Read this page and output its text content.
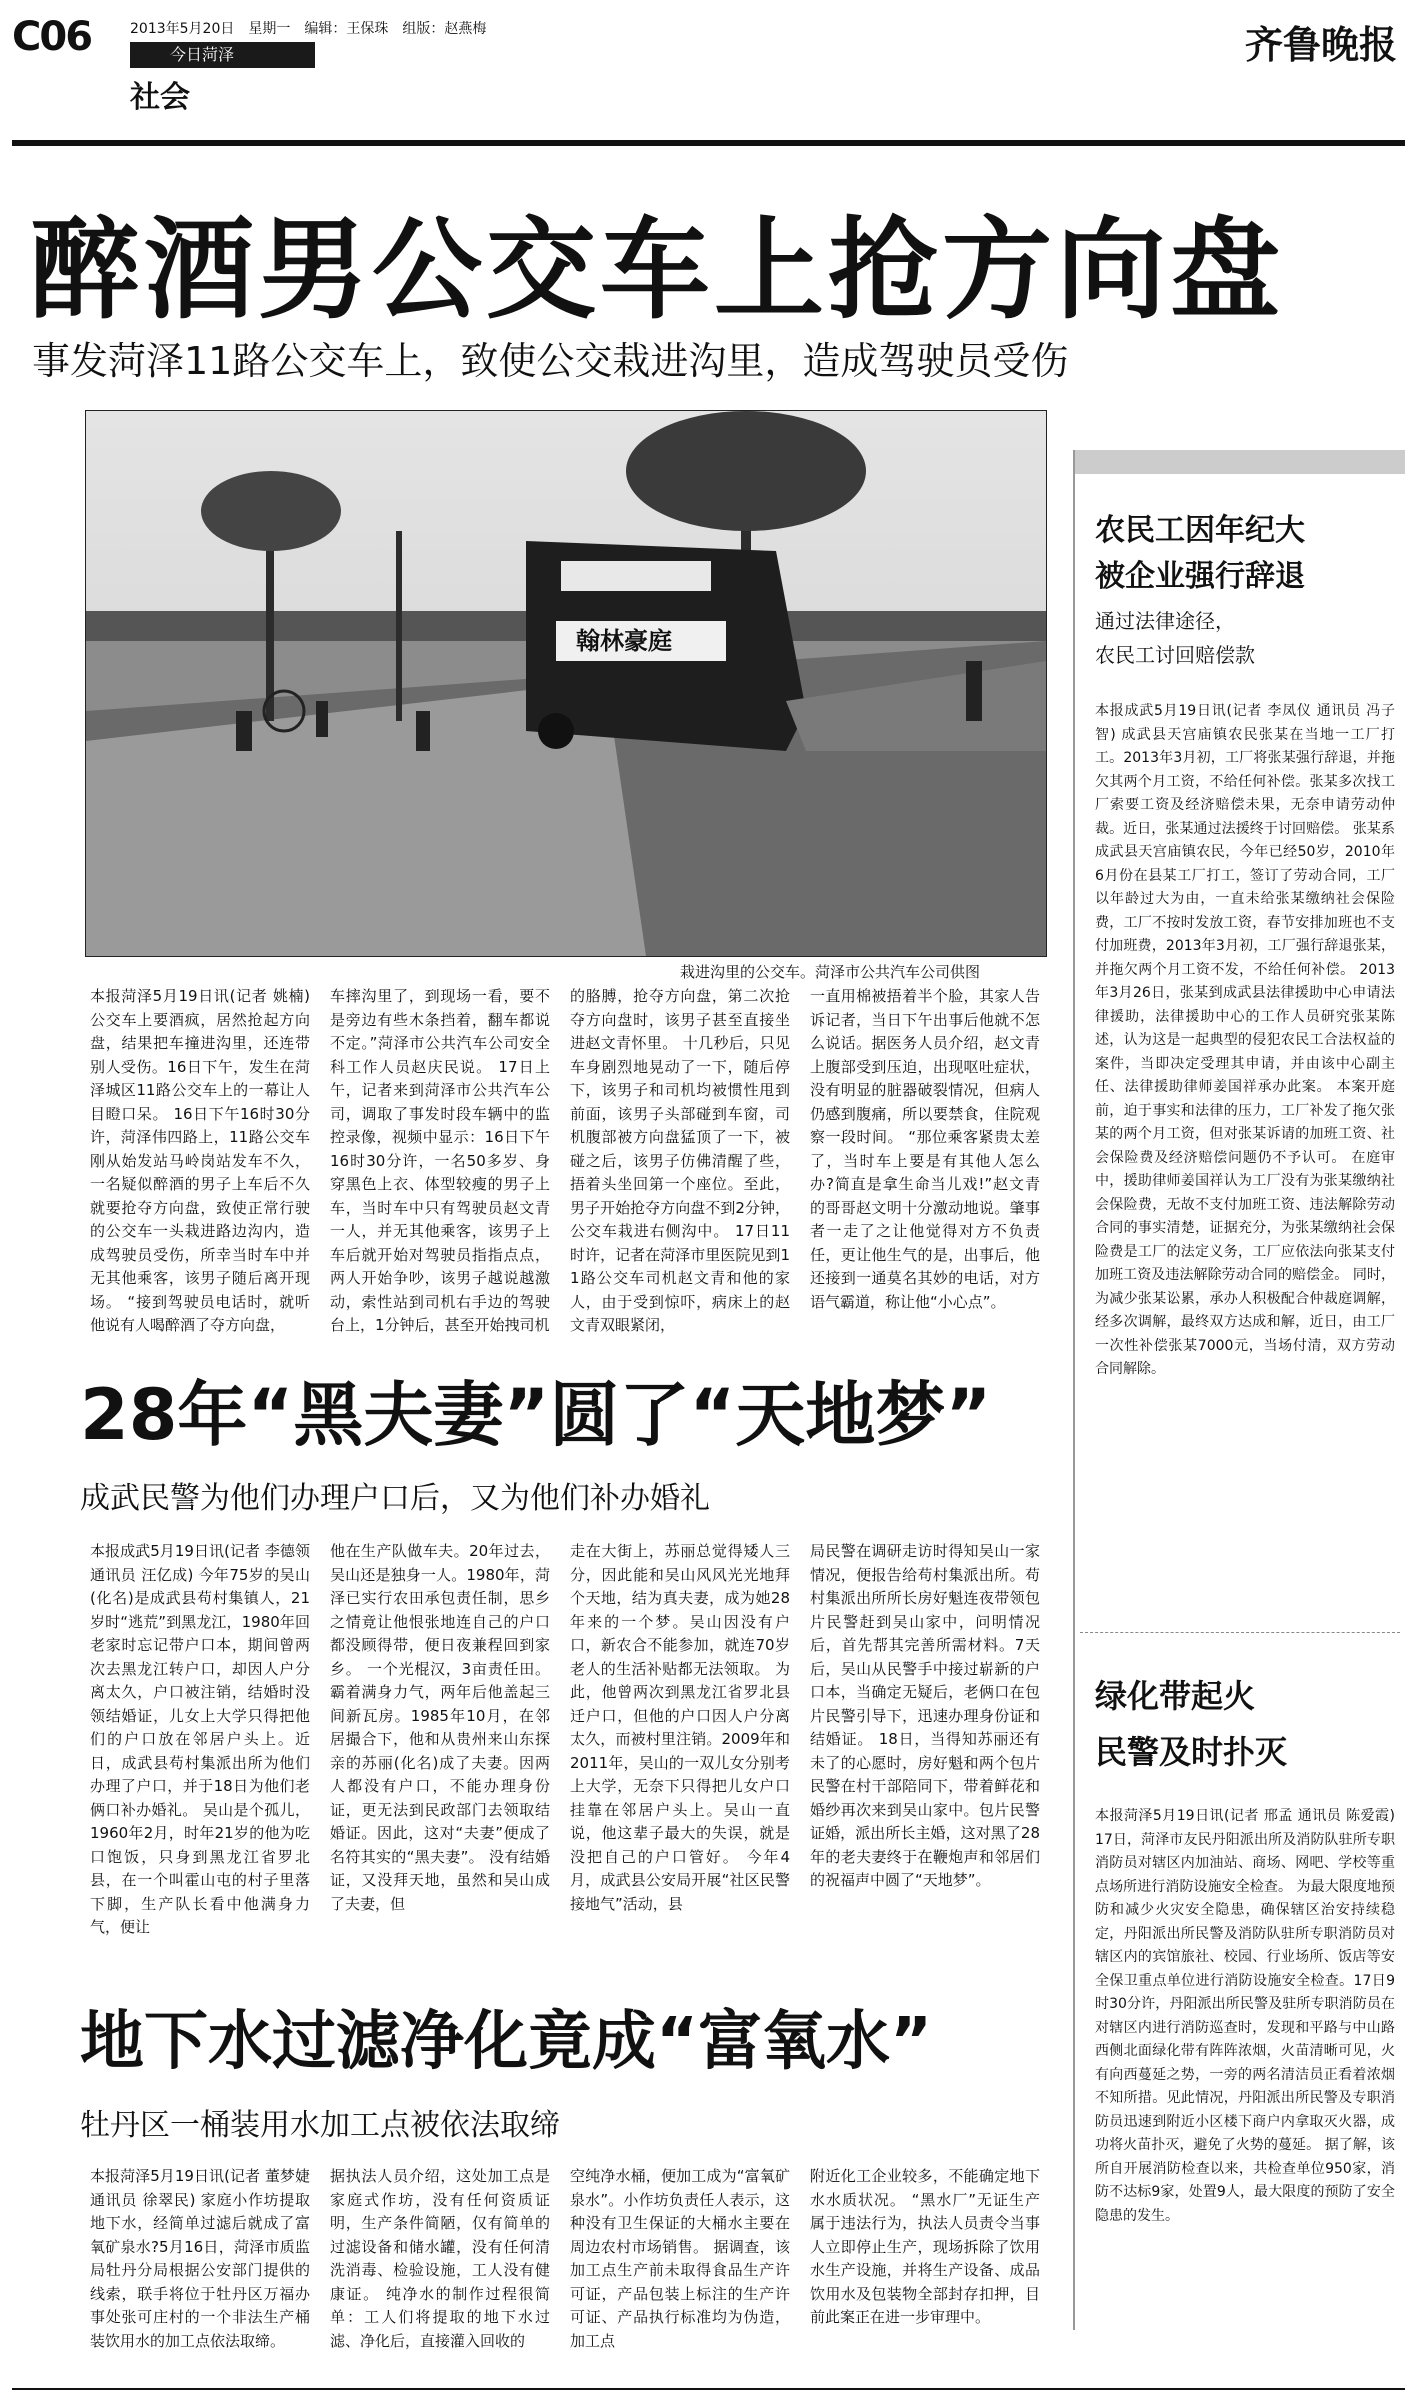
C06	2013年5月20日　星期一　编辑：王保珠　组版：赵燕梅
今日菏泽
社会
齐鲁晚报
醉酒男公交车上抢方向盘
事发菏泽11路公交车上，致使公交栽进沟里，造成驾驶员受伤
翰林豪庭
栽进沟里的公交车。菏泽市公共汽车公司供图

本报菏泽5月19日讯(记者 姚楠) 公交车上要酒疯，居然抢起方向盘，结果把车撞进沟里，还连带别人受伤。16日下午，发生在菏泽城区11路公交车上的一幕让人目瞪口呆。 16日下午16时30分许，菏泽伟四路上，11路公交车刚从始发站马岭岗站发车不久，一名疑似醉酒的男子上车后不久就要抢夺方向盘，致使正常行驶的公交车一头栽进路边沟内，造成驾驶员受伤，所幸当时车中并无其他乘客，该男子随后离开现场。 “接到驾驶员电话时，就听他说有人喝醉酒了夺方向盘，

车摔沟里了，到现场一看，要不是旁边有些木条挡着，翻车都说不定。”菏泽市公共汽车公司安全科工作人员赵庆民说。 17日上午，记者来到菏泽市公共汽车公司，调取了事发时段车辆中的监控录像，视频中显示：16日下午16时30分许，一名50多岁、身穿黑色上衣、体型较瘦的男子上车，当时车中只有驾驶员赵文青一人，并无其他乘客，该男子上车后就开始对驾驶员指指点点，两人开始争吵，该男子越说越激动，索性站到司机右手边的驾驶台上，1分钟后，甚至开始拽司机

的胳膊，抢夺方向盘，第二次抢夺方向盘时，该男子甚至直接坐进赵文青怀里。 十几秒后，只见车身剧烈地晃动了一下，随后停下，该男子和司机均被惯性甩到前面，该男子头部碰到车窗，司机腹部被方向盘猛顶了一下，被碰之后，该男子仿佛清醒了些，捂着头坐回第一个座位。至此，男子开始抢夺方向盘不到2分钟，公交车栽进右侧沟中。 17日11时许，记者在菏泽市里医院见到11路公交车司机赵文青和他的家人，由于受到惊吓，病床上的赵文青双眼紧闭，

一直用棉被捂着半个脸，其家人告诉记者，当日下午出事后他就不怎么说话。据医务人员介绍，赵文青上腹部受到压迫，出现呕吐症状，没有明显的脏器破裂情况，但病人仍感到腹痛，所以要禁食，住院观察一段时间。 “那位乘客紧贵太差了，当时车上要是有其他人怎么办?简直是拿生命当儿戏!”赵文青的哥哥赵文明十分激动地说。肇事者一走了之让他觉得对方不负责任，更让他生气的是，出事后，他还接到一通莫名其妙的电话，对方语气霸道，称让他“小心点”。

28年“黑夫妻”圆了“天地梦”
成武民警为他们办理户口后，又为他们补办婚礼

本报成武5月19日讯(记者 李德领 通讯员 汪亿成) 今年75岁的吴山(化名)是成武县苟村集镇人，21岁时“逃荒”到黑龙江，1980年回老家时忘记带户口本，期间曾两次去黑龙江转户口，却因人户分离太久，户口被注销，结婚时没领结婚证，儿女上大学只得把他们的户口放在邻居户头上。近日，成武县苟村集派出所为他们办理了户口，并于18日为他们老俩口补办婚礼。 吴山是个孤儿，1960年2月，时年21岁的他为吃口饱饭，只身到黑龙江省罗北县，在一个叫霍山屯的村子里落下脚，生产队长看中他满身力气，便让

他在生产队做车夫。20年过去，吴山还是独身一人。1980年，菏泽已实行农田承包责任制，思乡之情竟让他恨张地连自己的户口都没顾得带，便日夜兼程回到家乡。 一个光棍汉，3亩责任田。霸着满身力气，两年后他盖起三间新瓦房。1985年10月，在邻居撮合下，他和从贵州来山东探亲的苏丽(化名)成了夫妻。因两人都没有户口，不能办理身份证，更无法到民政部门去领取结婚证。因此，这对“夫妻”便成了名符其实的“黑夫妻”。 没有结婚证，又没拜天地，虽然和吴山成了夫妻，但

走在大街上，苏丽总觉得矮人三分，因此能和吴山风风光光地拜个天地，结为真夫妻，成为她28年来的一个梦。吴山因没有户口，新农合不能参加，就连70岁老人的生活补贴都无法领取。 为此，他曾两次到黑龙江省罗北县迁户口，但他的户口因人户分离太久，而被村里注销。2009年和2011年，吴山的一双儿女分别考上大学，无奈下只得把儿女户口挂靠在邻居户头上。吴山一直说，他这辈子最大的失误，就是没把自己的户口管好。 今年4月，成武县公安局开展“社区民警接地气”活动，县

局民警在调研走访时得知吴山一家情况，便报告给苟村集派出所。苟村集派出所所长房好魁连夜带领包片民警赶到吴山家中，问明情况后，首先帮其完善所需材料。7天后，吴山从民警手中接过崭新的户口本，当确定无疑后，老俩口在包片民警引导下，迅速办理身份证和结婚证。 18日，当得知苏丽还有未了的心愿时，房好魁和两个包片民警在村干部陪同下，带着鲜花和婚纱再次来到吴山家中。包片民警证婚，派出所长主婚，这对黑了28年的老夫妻终于在鞭炮声和邻居们的祝福声中圆了“天地梦”。

地下水过滤净化竟成“富氧水”
牡丹区一桶装用水加工点被依法取缔

本报菏泽5月19日讯(记者 董梦婕 通讯员 徐翠民) 家庭小作坊提取地下水，经简单过滤后就成了富氧矿泉水?5月16日，菏泽市质监局牡丹分局根据公安部门提供的线索，联手将位于牡丹区万福办事处张可庄村的一个非法生产桶装饮用水的加工点依法取缔。

据执法人员介绍，这处加工点是家庭式作坊，没有任何资质证明，生产条件简陋，仅有简单的过滤设备和储水罐，没有任何清洗消毒、检验设施，工人没有健康证。 纯净水的制作过程很简单：工人们将提取的地下水过滤、净化后，直接灌入回收的

空纯净水桶，便加工成为“富氧矿泉水”。小作坊负责任人表示，这种没有卫生保证的大桶水主要在周边农村市场销售。 据调查，该加工点生产前未取得食品生产许可证，产品包装上标注的生产许可证、产品执行标准均为伪造，加工点

附近化工企业较多，不能确定地下水水质状况。 “黑水厂”无证生产属于违法行为，执法人员责令当事人立即停止生产，现场拆除了饮用水生产设施，并将生产设备、成品饮用水及包装物全部封存扣押，目前此案正在进一步审理中。

农民工因年纪大
被企业强行辞退
通过法律途径，
农民工讨回赔偿款

本报成武5月19日讯(记者 李凤仪 通讯员 冯子智) 成武县天宫庙镇农民张某在当地一工厂打工。2013年3月初，工厂将张某强行辞退，并拖欠其两个月工资，不给任何补偿。张某多次找工厂索要工资及经济赔偿未果，无奈申请劳动仲裁。近日，张某通过法援终于讨回赔偿。 张某系成武县天宫庙镇农民，今年已经50岁，2010年6月份在县某工厂打工，签订了劳动合同，工厂以年龄过大为由，一直未给张某缴纳社会保险费，工厂不按时发放工资，春节安排加班也不支付加班费，2013年3月初，工厂强行辞退张某，并拖欠两个月工资不发，不给任何补偿。 2013年3月26日，张某到成武县法律援助中心申请法律援助，法律援助中心的工作人员研究张某陈述，认为这是一起典型的侵犯农民工合法权益的案件，当即决定受理其申请，并由该中心副主任、法律援助律师姜国祥承办此案。 本案开庭前，迫于事实和法律的压力，工厂补发了拖欠张某的两个月工资，但对张某诉请的加班工资、社会保险费及经济赔偿问题仍不予认可。 在庭审中，援助律师姜国祥认为工厂没有为张某缴纳社会保险费，无故不支付加班工资、违法解除劳动合同的事实清楚，证据充分，为张某缴纳社会保险费是工厂的法定义务，工厂应依法向张某支付加班工资及违法解除劳动合同的赔偿金。 同时，为减少张某讼累，承办人积极配合仲裁庭调解，经多次调解，最终双方达成和解，近日，由工厂一次性补偿张某7000元，当场付清，双方劳动合同解除。

绿化带起火
民警及时扑灭

本报菏泽5月19日讯(记者 邢孟 通讯员 陈爱霞) 17日，菏泽市友民丹阳派出所及消防队驻所专职消防员对辖区内加油站、商场、网吧、学校等重点场所进行消防设施安全检查。 为最大限度地预防和减少火灾安全隐患，确保辖区治安持续稳定，丹阳派出所民警及消防队驻所专职消防员对辖区内的宾馆旅社、校园、行业场所、饭店等安全保卫重点单位进行消防设施安全检查。17日9时30分许，丹阳派出所民警及驻所专职消防员在对辖区内进行消防巡查时，发现和平路与中山路西侧北面绿化带有阵阵浓烟，火苗清晰可见，火有向西蔓延之势，一旁的两名清洁员正看着浓烟不知所措。见此情况，丹阳派出所民警及专职消防员迅速到附近小区楼下商户内拿取灭火器，成功将火苗扑灭，避免了火势的蔓延。 据了解，该所自开展消防检查以来，共检查单位950家，消防不达标9家，处置9人，最大限度的预防了安全隐患的发生。
